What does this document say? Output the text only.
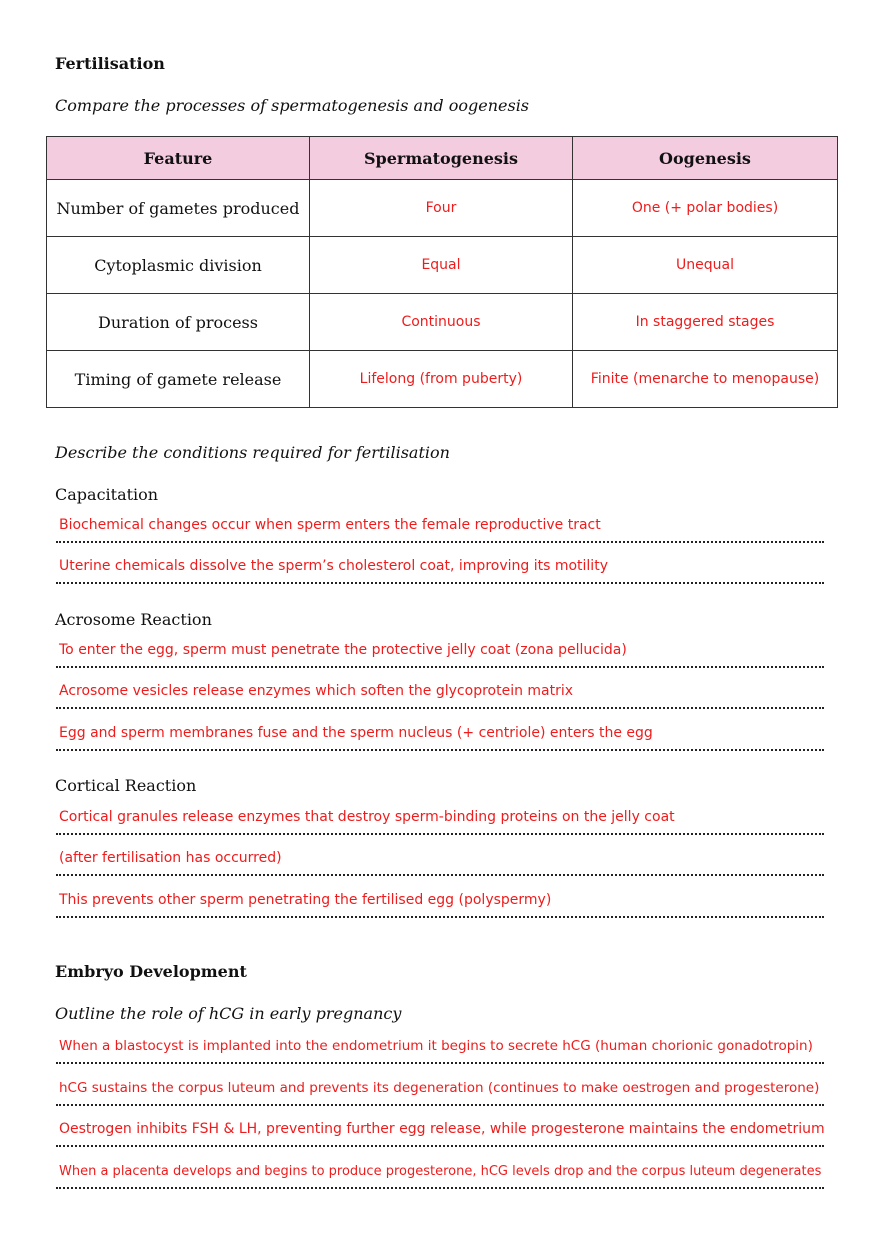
Fertilisation
Compare the processes of spermatogenesis and oogenesis
Feature	Spermatogenesis	Oogenesis
Number of gametes produced	Four	One (+ polar bodies)
Cytoplasmic division	Equal	Unequal
Duration of process	Continuous	In staggered stages
Timing of gamete release	Lifelong (from puberty)	Finite (menarche to menopause)
Describe the conditions required for fertilisation
Capacitation
Biochemical changes occur when sperm enters the female reproductive tract
Uterine chemicals dissolve the sperm’s cholesterol coat, improving its motility
Acrosome Reaction
To enter the egg, sperm must penetrate the protective jelly coat (zona pellucida)
Acrosome vesicles release enzymes which soften the glycoprotein matrix
Egg and sperm membranes fuse and the sperm nucleus (+ centriole) enters the egg
Cortical Reaction
Cortical granules release enzymes that destroy sperm-binding proteins on the jelly coat
(after fertilisation has occurred)
This prevents other sperm penetrating the fertilised egg (polyspermy)
Embryo Development
Outline the role of hCG in early pregnancy
When a blastocyst is implanted into the endometrium it begins to secrete hCG (human chorionic gonadotropin)
hCG sustains the corpus luteum and prevents its degeneration (continues to make oestrogen and progesterone)
Oestrogen inhibits FSH & LH, preventing further egg release, while progesterone maintains the endometrium
When a placenta develops and begins to produce progesterone, hCG levels drop and the corpus luteum degenerates
